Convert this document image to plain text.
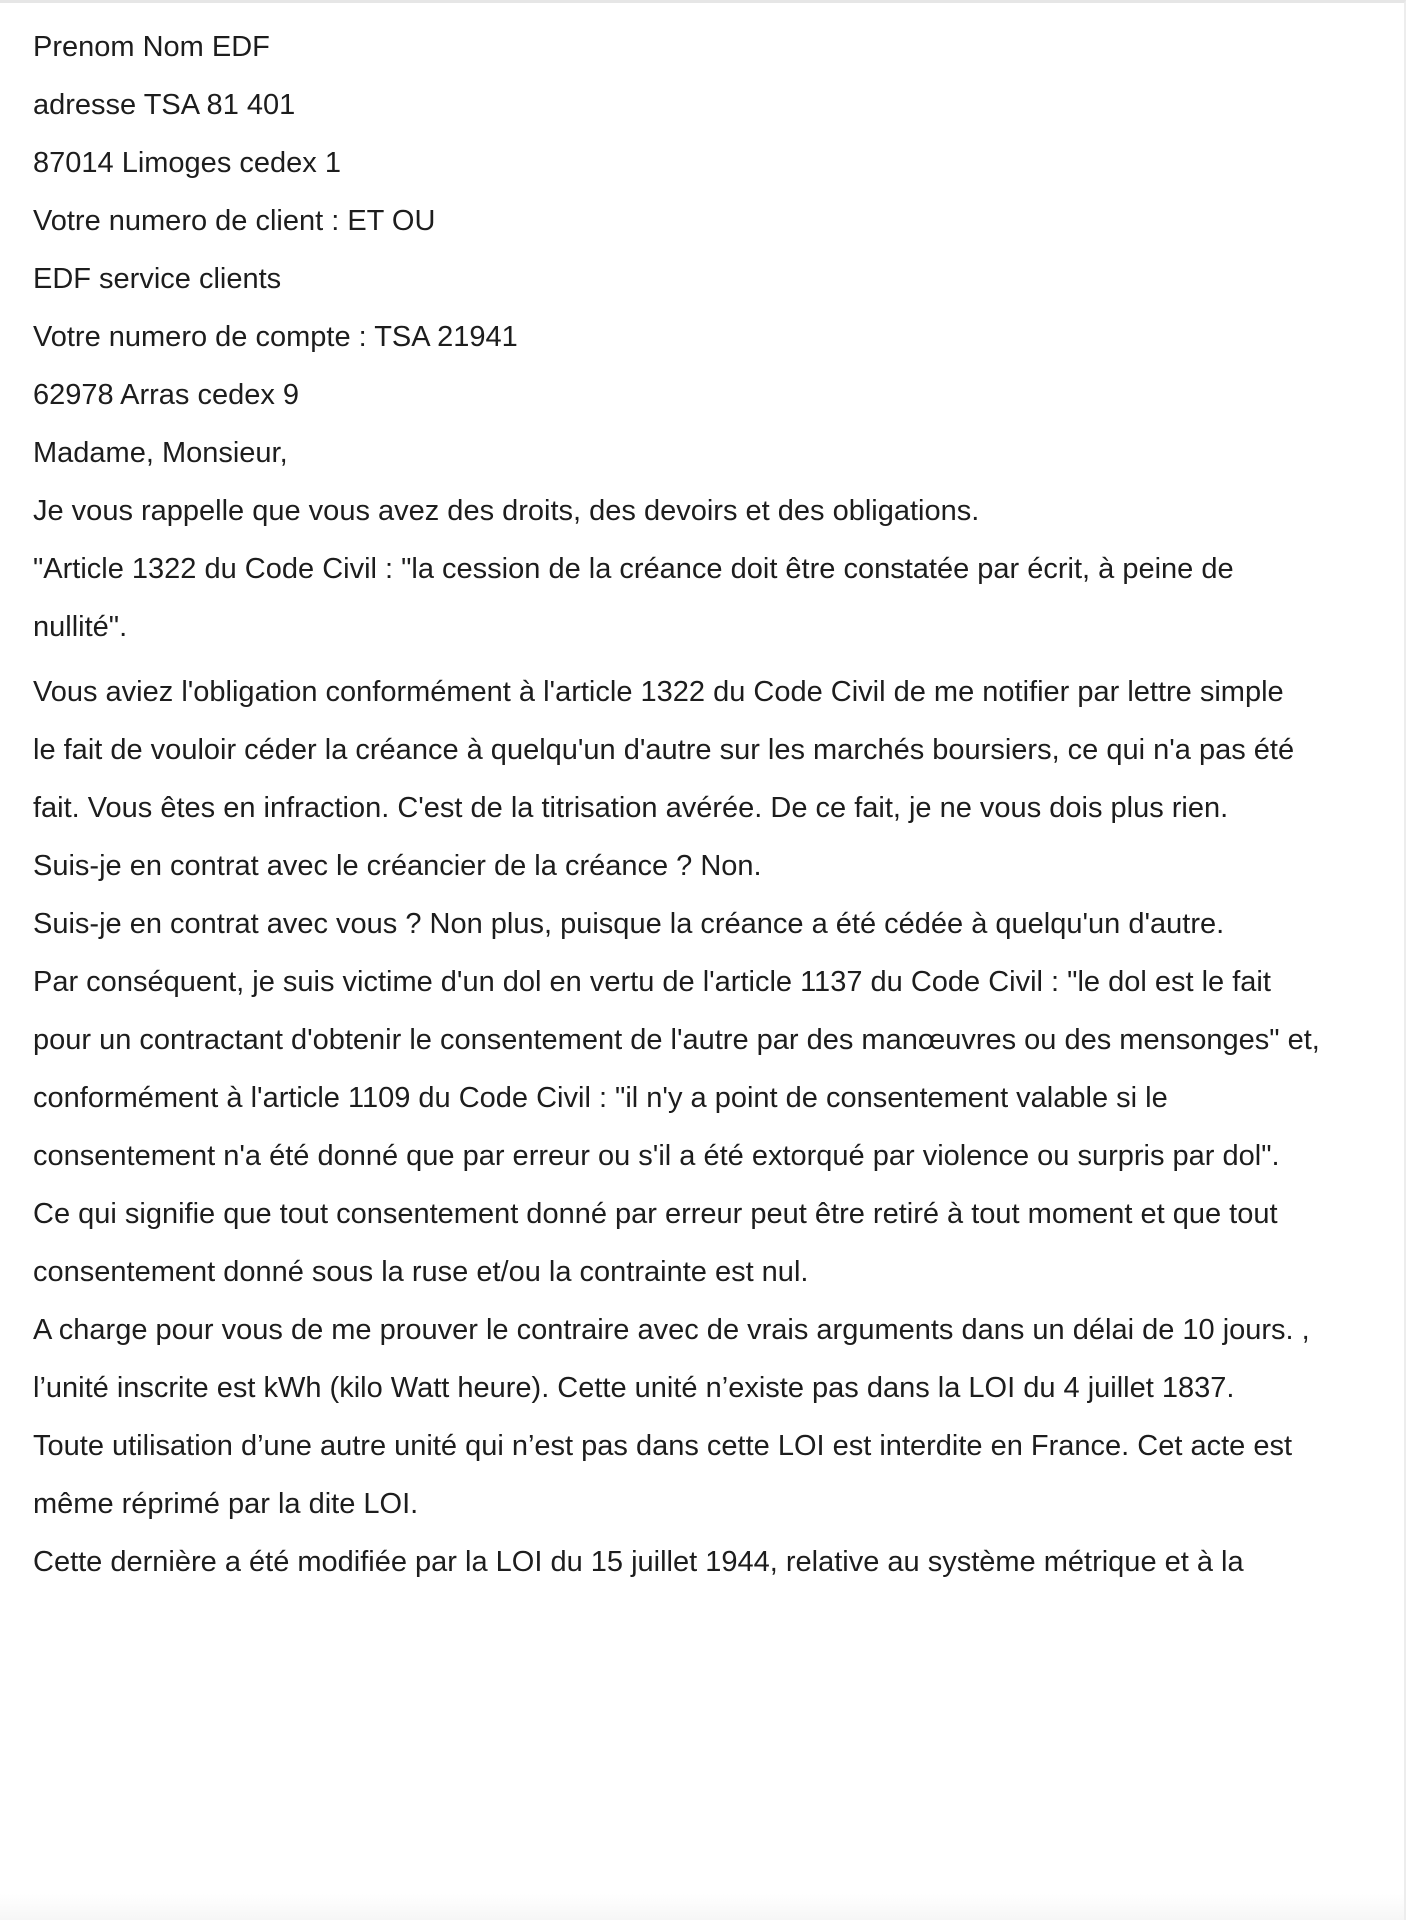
Prenom Nom EDF

adresse TSA 81 401

87014 Limoges cedex 1

Votre numero de client : ET OU

EDF service clients

Votre numero de compte : TSA 21941

62978 Arras cedex 9

Madame, Monsieur,

Je vous rappelle que vous avez des droits, des devoirs et des obligations.

"Article 1322 du Code Civil : "la cession de la créance doit être constatée par écrit, à peine de

nullité".

Vous aviez l'obligation conformément à l'article 1322 du Code Civil de me notifier par lettre simple

le fait de vouloir céder la créance à quelqu'un d'autre sur les marchés boursiers, ce qui n'a pas été

fait. Vous êtes en infraction. C'est de la titrisation avérée. De ce fait, je ne vous dois plus rien.

Suis-je en contrat avec le créancier de la créance ? Non.

Suis-je en contrat avec vous ? Non plus, puisque la créance a été cédée à quelqu'un d'autre.

Par conséquent, je suis victime d'un dol en vertu de l'article 1137 du Code Civil : "le dol est le fait

pour un contractant d'obtenir le consentement de l'autre par des manœuvres ou des mensonges" et,

conformément à l'article 1109 du Code Civil : "il n'y a point de consentement valable si le

consentement n'a été donné que par erreur ou s'il a été extorqué par violence ou surpris par dol".

Ce qui signifie que tout consentement donné par erreur peut être retiré à tout moment et que tout

consentement donné sous la ruse et/ou la contrainte est nul.

A charge pour vous de me prouver le contraire avec de vrais arguments dans un délai de 10 jours. ,

l’unité inscrite est kWh (kilo Watt heure). Cette unité n’existe pas dans la LOI du 4 juillet 1837.

Toute utilisation d’une autre unité qui n’est pas dans cette LOI est interdite en France. Cet acte est

même réprimé par la dite LOI.

Cette dernière a été modifiée par la LOI du 15 juillet 1944, relative au système métrique et à la
